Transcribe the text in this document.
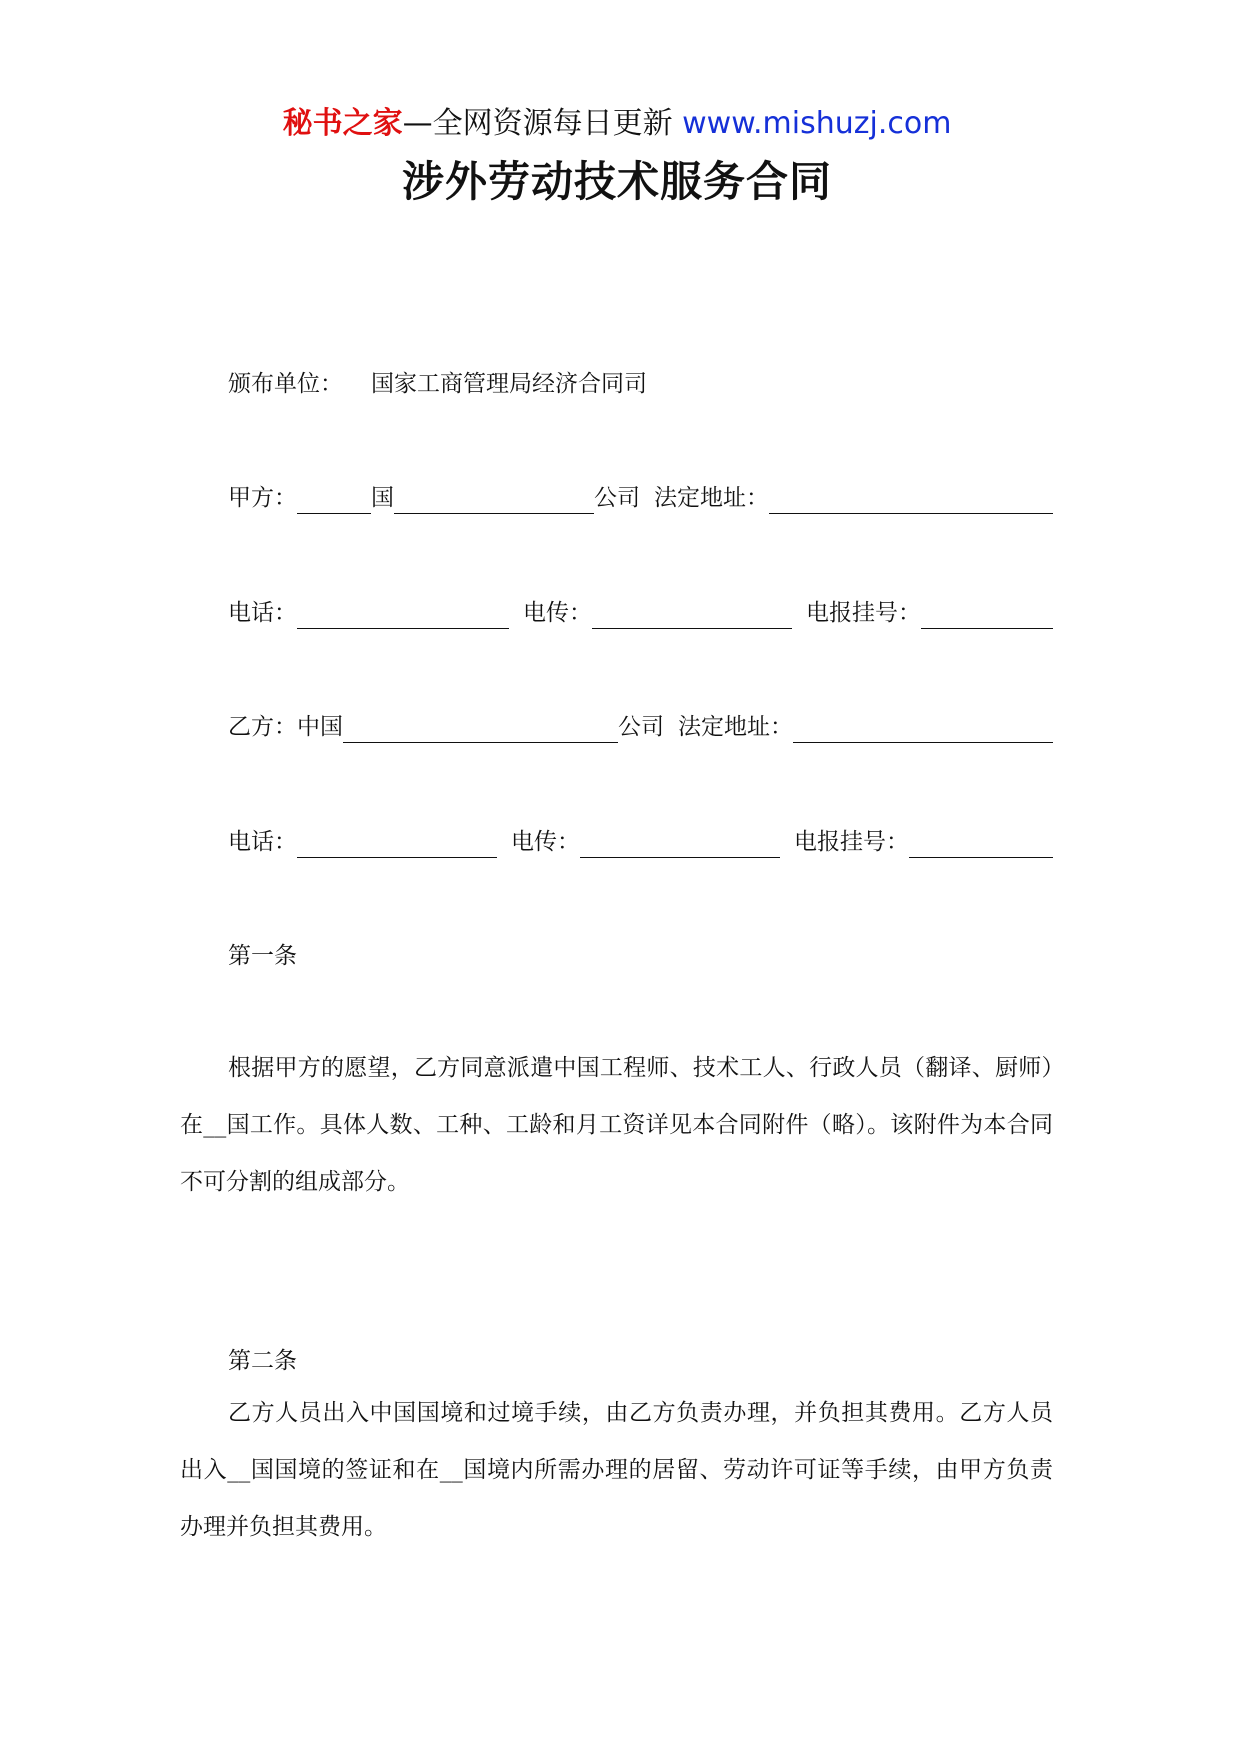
秘书之家—全网资源每日更新 www.mishuzj.com
涉外劳动技术服务合同
颁布单位： 国家工商管理局经济合同司
甲方：	国	公司 法定地址：
电话：	电传：	电报挂号：
乙方：中国	公司 法定地址：
电话：	电传：	电报挂号：
第一条
根据甲方的愿望，乙方同意派遣中国工程师、技术工人、行政人员（翻译、厨师）在__国工作。具体人数、工种、工龄和月工资详见本合同附件（略）。该附件为本合同不可分割的组成部分。
第二条
乙方人员出入中国国境和过境手续，由乙方负责办理，并负担其费用。乙方人员出入__国国境的签证和在__国境内所需办理的居留、劳动许可证等手续，由甲方负责办理并负担其费用。
